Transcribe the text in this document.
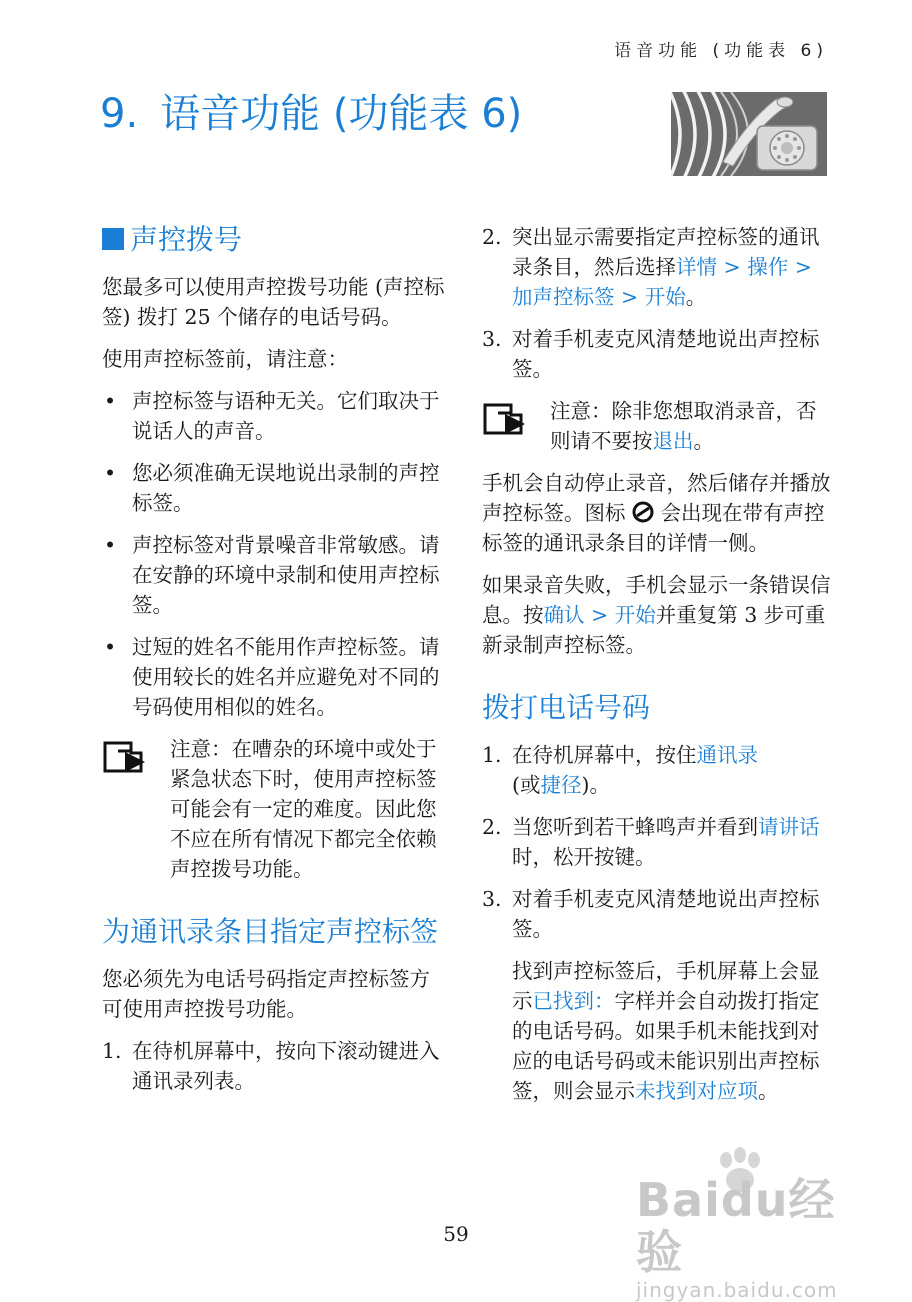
语音功能 (功能表 6)
9. 语音功能 (功能表 6)
声控拨号

您最多可以使用声控拨号功能 (声控标签) 拨打 25 个储存的电话号码。

使用声控标签前，请注意：

• 声控标签与语种无关。它们取决于说话人的声音。
• 您必须准确无误地说出录制的声控标签。
• 声控标签对背景噪音非常敏感。请在安静的环境中录制和使用声控标签。
• 过短的姓名不能用作声控标签。请使用较长的姓名并应避免对不同的号码使用相似的姓名。
注意：在嘈杂的环境中或处于紧急状态下时，使用声控标签可能会有一定的难度。因此您不应在所有情况下都完全依赖声控拨号功能。
为通讯录条目指定声控标签

您必须先为电话号码指定声控标签方可使用声控拨号功能。

1. 在待机屏幕中，按向下滚动键进入通讯录列表。
2. 突出显示需要指定声控标签的通讯录条目，然后选择详情 > 操作 > 加声控标签 > 开始。
3. 对着手机麦克风清楚地说出声控标签。
注意：除非您想取消录音，否则请不要按退出。

手机会自动停止录音，然后储存并播放声控标签。图标 会出现在带有声控标签的通讯录条目的详情一侧。

如果录音失败，手机会显示一条错误信息。按确认 > 开始并重复第 3 步可重新录制声控标签。

拨打电话号码
1. 在待机屏幕中，按住通讯录
(或捷径)。
2. 当您听到若干蜂鸣声并看到请讲话时，松开按键。
3. 对着手机麦克风清楚地说出声控标签。

找到声控标签后，手机屏幕上会显示已找到：字样并会自动拨打指定的电话号码。如果手机未能找到对应的电话号码或未能识别出声控标签，则会显示未找到对应项。

Baidu经验
jingyan.baidu.com
59
